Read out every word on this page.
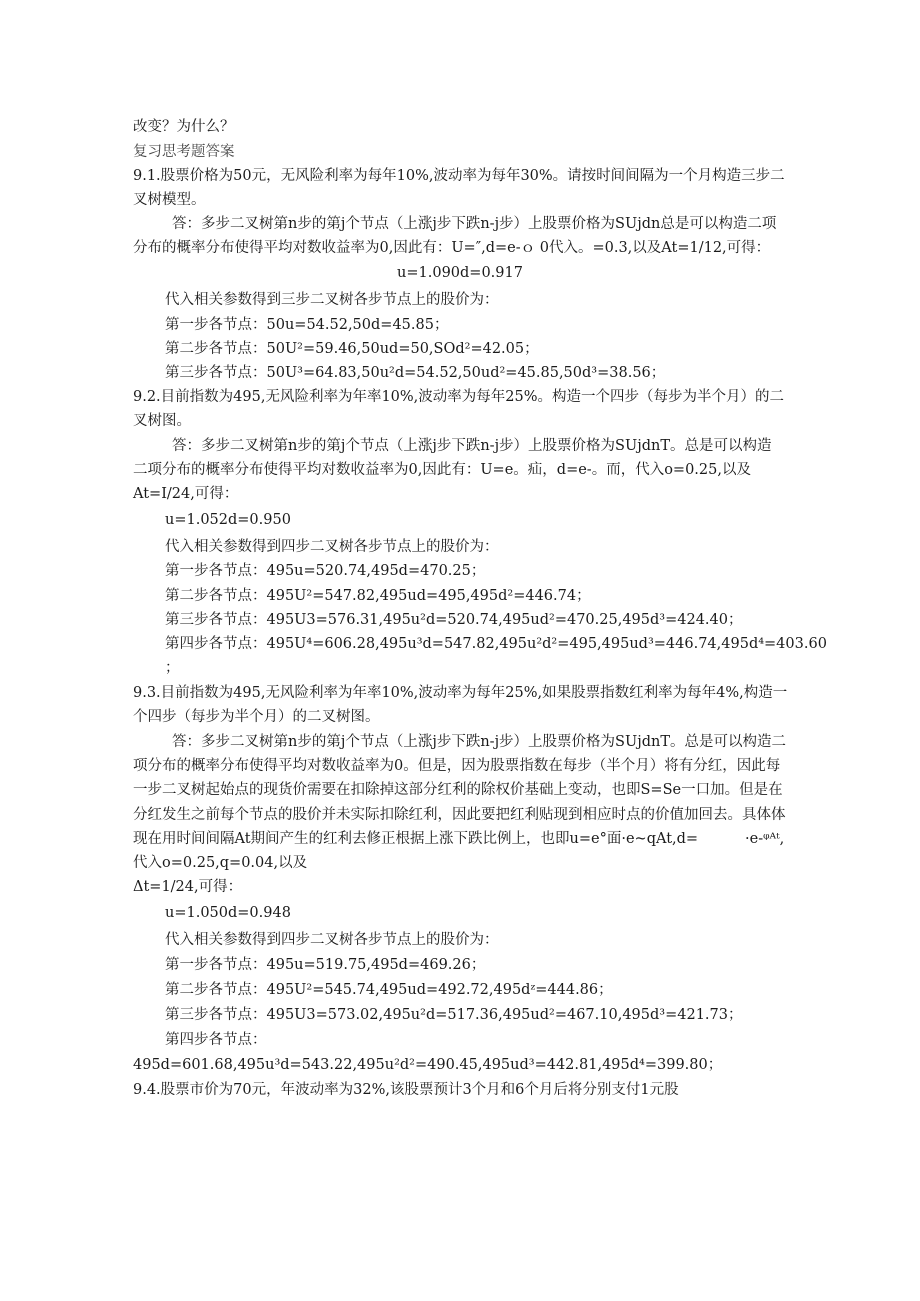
改变？为什么？
复习思考题答案
9.1.股票价格为50元，无风险利率为每年10%,波动率为每年30%。请按时间间隔为一个月构造三步二
叉树模型。
答：多步二叉树第n步的第j个节点（上涨j步下跌n-j步）上股票价格为SUjdn总是可以构造二项
分布的概率分布使得平均对数收益率为0,因此有：U=″,d=e-ｏ 0代入。=0.3,以及At=1/12,可得：
u=1.090d=0.917
代入相关参数得到三步二叉树各步节点上的股价为：
第一步各节点：50u=54.52,50d=45.85；
第二步各节点：50U²=59.46,50ud=50,SOd²=42.05；
第三步各节点：50U³=64.83,50u²d=54.52,50ud²=45.85,50d³=38.56；
9.2.目前指数为495,无风险利率为年率10%,波动率为每年25%。构造一个四步（每步为半个月）的二
叉树图。
答：多步二叉树第n步的第j个节点（上涨j步下跌n-j步）上股票价格为SUjdnT。总是可以构造
二项分布的概率分布使得平均对数收益率为0,因此有：U=e。疝，d=e-。而，代入o=0.25,以及
At=I/24,可得：
u=1.052d=0.950
代入相关参数得到四步二叉树各步节点上的股价为：
第一步各节点：495u=520.74,495d=470.25；
第二步各节点：495U²=547.82,495ud=495,495d²=446.74；
第三步各节点：495U3=576.31,495u²d=520.74,495ud²=470.25,495d³=424.40；
第四步各节点：495U⁴=606.28,495u³d=547.82,495u²d²=495,495ud³=446.74,495d⁴=403.60
；
9.3.目前指数为495,无风险利率为年率10%,波动率为每年25%,如果股票指数红利率为每年4%,构造一
个四步（每步为半个月）的二叉树图。
答：多步二叉树第n步的第j个节点（上涨j步下跌n-j步）上股票价格为SUjdnT。总是可以构造二
项分布的概率分布使得平均对数收益率为0。但是，因为股票指数在每步（半个月）将有分红，因此每
一步二叉树起始点的现货价需要在扣除掉这部分红利的除权价基础上变动，也即S=Se一口加。但是在
分红发生之前每个节点的股价并未实际扣除红利，因此要把红利贴现到相应时点的价值加回去。具体体
现在用时间间隔At期间产生的红利去修正根据上涨下跌比例上，也即u=e°面·e~qAt,d=	·e-ᵠᴬᵗ,
代入o=0.25,q=0.04,以及
Δt=1/24,可得：
u=1.050d=0.948
代入相关参数得到四步二叉树各步节点上的股价为：
第一步各节点：495u=519.75,495d=469.26；
第二步各节点：495U²=545.74,495ud=492.72,495dᶻ=444.86；
第三步各节点：495U3=573.02,495u²d=517.36,495ud²=467.10,495d³=421.73；
第四步各节点：
495d=601.68,495u³d=543.22,495u²d²=490.45,495ud³=442.81,495d⁴=399.80；
9.4.股票市价为70元，年波动率为32%,该股票预计3个月和6个月后将分别支付1元股
